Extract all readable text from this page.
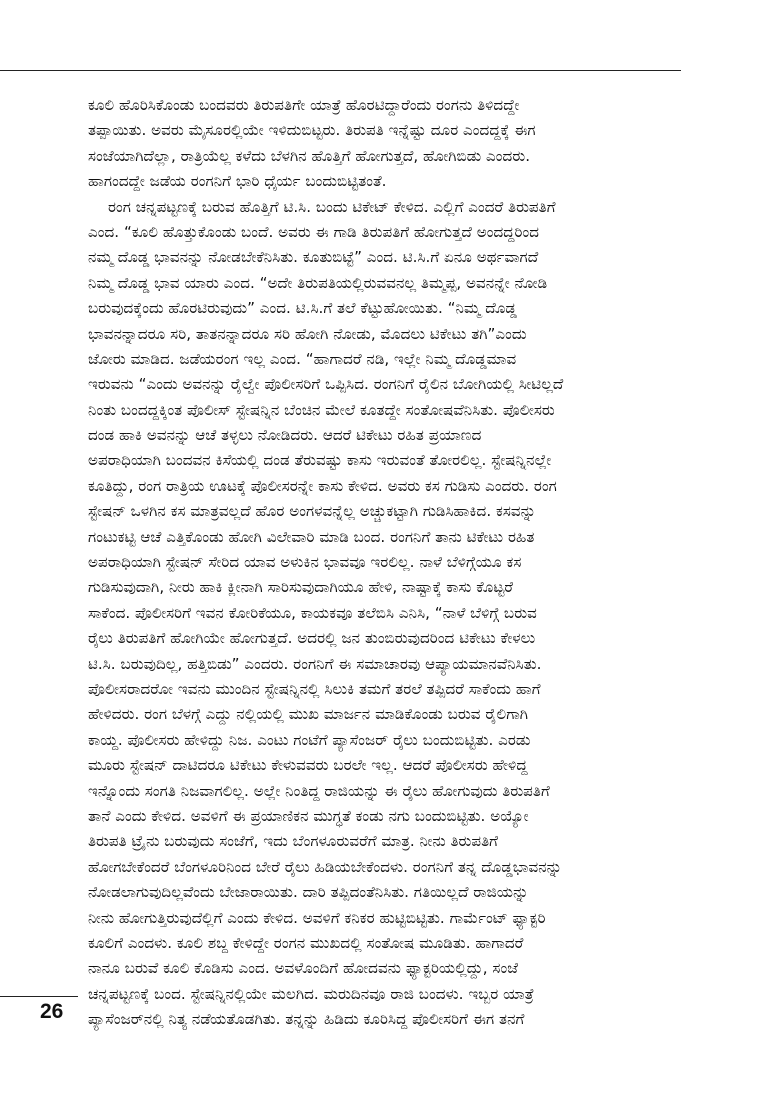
ಕೂಲಿ ಹೊರಿಸಿಕೊಂಡು ಬಂದವರು ತಿರುಪತಿಗೇ ಯಾತ್ರೆ ಹೊರಟಿದ್ದಾರೆಂದು ರಂಗನು ತಿಳಿದದ್ದೇ
ತಪ್ಪಾಯಿತು. ಅವರು ಮೈಸೂರಲ್ಲಿಯೇ ಇಳಿದುಬಿಟ್ಟರು. ತಿರುಪತಿ ಇನ್ನೆಷ್ಟು ದೂರ ಎಂದದ್ದಕ್ಕೆ ಈಗ
ಸಂಜೆಯಾಗಿದೆಲ್ಲಾ, ರಾತ್ರಿಯೆಲ್ಲ ಕಳೆದು ಬೆಳಗಿನ ಹೊತ್ತಿಗೆ ಹೋಗುತ್ತದೆ, ಹೋಗಿಬಿಡು ಎಂದರು.
ಹಾಗಂದದ್ದೇ ಜಡೆಯ ರಂಗನಿಗೆ ಭಾರಿ ಧೈರ್ಯ ಬಂದುಬಿಟ್ಟಿತಂತೆ.
ರಂಗ ಚನ್ನಪಟ್ಟಣಕ್ಕೆ ಬರುವ ಹೊತ್ತಿಗೆ ಟಿ.ಸಿ. ಬಂದು ಟಿಕೇಟ್ ಕೇಳಿದ. ಎಲ್ಲಿಗೆ ಎಂದರೆ ತಿರುಪತಿಗೆ
ಎಂದ. “ಕೂಲಿ ಹೊತ್ತುಕೊಂಡು ಬಂದೆ. ಅವರು ಈ ಗಾಡಿ ತಿರುಪತಿಗೆ ಹೋಗುತ್ತದೆ ಅಂದದ್ದರಿಂದ
ನಮ್ಮ ದೊಡ್ಡ ಭಾವನನ್ನು ನೋಡಬೇಕೆನಿಸಿತು. ಕೂತುಬಿಟ್ಟೆ” ಎಂದ. ಟಿ.ಸಿ.ಗೆ ಏನೂ ಅರ್ಥವಾಗದೆ
ನಿಮ್ಮ ದೊಡ್ಡ ಭಾವ ಯಾರು ಎಂದ. “ಅದೇ ತಿರುಪತಿಯಲ್ಲಿರುವವನಲ್ಲ ತಿಮ್ಮಪ್ಪ, ಅವನನ್ನೇ ನೋಡಿ
ಬರುವುದಕ್ಕೆಂದು ಹೊರಟಿರುವುದು” ಎಂದ. ಟಿ.ಸಿ.ಗೆ ತಲೆ ಕೆಟ್ಟುಹೋಯಿತು. “ನಿಮ್ಮ ದೊಡ್ಡ
ಭಾವನನ್ನಾದರೂ ಸರಿ, ತಾತನನ್ನಾದರೂ ಸರಿ ಹೋಗಿ ನೋಡು, ಮೊದಲು ಟಿಕೇಟು ತಗಿ”ಎಂದು
ಜೋರು ಮಾಡಿದ. ಜಡೆಯರಂಗ ಇಲ್ಲ ಎಂದ. “ಹಾಗಾದರೆ ನಡಿ, ಇಲ್ಲೇ ನಿಮ್ಮ ದೊಡ್ಡಮಾವ
ಇರುವನು “ಎಂದು ಅವನನ್ನು ರೈಲ್ವೇ ಪೊಲೀಸರಿಗೆ ಒಪ್ಪಿಸಿದ. ರಂಗನಿಗೆ ರೈಲಿನ ಬೋಗಿಯಲ್ಲಿ ಸೀಟಿಲ್ಲದೆ
ನಿಂತು ಬಂದದ್ದಕ್ಕಿಂತ ಪೊಲೀಸ್ ಸ್ಟೇಷನ್ನಿನ ಬೆಂಚಿನ ಮೇಲೆ ಕೂತದ್ದೇ ಸಂತೋಷವೆನಿಸಿತು. ಪೊಲೀಸರು
ದಂಡ ಹಾಕಿ ಅವನನ್ನು ಆಚೆ ತಳ್ಳಲು ನೋಡಿದರು. ಆದರೆ ಟಿಕೇಟು ರಹಿತ ಪ್ರಯಾಣದ
ಅಪರಾಧಿಯಾಗಿ ಬಂದವನ ಕಿಸೆಯಲ್ಲಿ ದಂಡ ತೆರುವಷ್ಟು ಕಾಸು ಇರುವಂತೆ ತೋರಲಿಲ್ಲ. ಸ್ಟೇಷನ್ನಿನಲ್ಲೇ
ಕೂತಿದ್ದು, ರಂಗ ರಾತ್ರಿಯ ಊಟಕ್ಕೆ ಪೊಲೀಸರನ್ನೇ ಕಾಸು ಕೇಳಿದ. ಅವರು ಕಸ ಗುಡಿಸು ಎಂದರು. ರಂಗ
ಸ್ಟೇಷನ್ ಒಳಗಿನ ಕಸ ಮಾತ್ರವಲ್ಲದೆ ಹೊರ ಅಂಗಳವನ್ನೆಲ್ಲ ಅಚ್ಚುಕಟ್ಟಾಗಿ ಗುಡಿಸಿಹಾಕಿದ. ಕಸವನ್ನು
ಗಂಟುಕಟ್ಟಿ ಆಚೆ ಎತ್ತಿಕೊಂಡು ಹೋಗಿ ವಿಲೇವಾರಿ ಮಾಡಿ ಬಂದ. ರಂಗನಿಗೆ ತಾನು ಟಿಕೇಟು ರಹಿತ
ಅಪರಾಧಿಯಾಗಿ ಸ್ಟೇಷನ್ ಸೇರಿದ ಯಾವ ಅಳುಕಿನ ಭಾವವೂ ಇರಲಿಲ್ಲ. ನಾಳೆ ಬೆಳಿಗ್ಗೆಯೂ ಕಸ
ಗುಡಿಸುವುದಾಗಿ, ನೀರು ಹಾಕಿ ಕ್ಲೀನಾಗಿ ಸಾರಿಸುವುದಾಗಿಯೂ ಹೇಳಿ, ನಾಷ್ಟಾಕ್ಕೆ ಕಾಸು ಕೊಟ್ಟರೆ
ಸಾಕೆಂದ. ಪೊಲೀಸರಿಗೆ ಇವನ ಕೋರಿಕೆಯೂ, ಕಾಯಕವೂ ತಲೆಬಿಸಿ ಎನಿಸಿ, “ನಾಳೆ ಬೆಳಿಗ್ಗೆ ಬರುವ
ರೈಲು ತಿರುಪತಿಗೆ ಹೋಗಿಯೇ ಹೋಗುತ್ತದೆ. ಅದರಲ್ಲಿ ಜನ ತುಂಬಿರುವುದರಿಂದ ಟಿಕೇಟು ಕೇಳಲು
ಟಿ.ಸಿ. ಬರುವುದಿಲ್ಲ, ಹತ್ತಿಬಿಡು” ಎಂದರು. ರಂಗನಿಗೆ ಈ ಸಮಾಚಾರವು ಆಪ್ಯಾಯಮಾನವೆನಿಸಿತು.
ಪೊಲೀಸರಾದರೋ ಇವನು ಮುಂದಿನ ಸ್ಟೇಷನ್ನಿನಲ್ಲಿ ಸಿಲುಕಿ ತಮಗೆ ತರಲೆ ತಪ್ಪಿದರೆ ಸಾಕೆಂದು ಹಾಗೆ
ಹೇಳಿದರು. ರಂಗ ಬೆಳಗ್ಗೆ ಎದ್ದು ನಲ್ಲಿಯಲ್ಲಿ ಮುಖ ಮಾರ್ಜನ ಮಾಡಿಕೊಂಡು ಬರುವ ರೈಲಿಗಾಗಿ
ಕಾಯ್ದ. ಪೊಲೀಸರು ಹೇಳಿದ್ದು ನಿಜ. ಎಂಟು ಗಂಟೆಗೆ ಪ್ಯಾಸೆಂಜರ್ ರೈಲು ಬಂದುಬಿಟ್ಟಿತು. ಎರಡು
ಮೂರು ಸ್ಟೇಷನ್ ದಾಟಿದರೂ ಟಿಕೇಟು ಕೇಳುವವರು ಬರಲೇ ಇಲ್ಲ. ಆದರೆ ಪೊಲೀಸರು ಹೇಳಿದ್ದ
ಇನ್ನೊಂದು ಸಂಗತಿ ನಿಜವಾಗಲಿಲ್ಲ. ಅಲ್ಲೇ ನಿಂತಿದ್ದ ರಾಜಿಯನ್ನು ಈ ರೈಲು ಹೋಗುವುದು ತಿರುಪತಿಗೆ
ತಾನೆ ಎಂದು ಕೇಳಿದ. ಅವಳಿಗೆ ಈ ಪ್ರಯಾಣಿಕನ ಮುಗ್ಧತೆ ಕಂಡು ನಗು ಬಂದುಬಿಟ್ಟಿತು. ಅಯ್ಯೋ
ತಿರುಪತಿ ಟ್ರೈನು ಬರುವುದು ಸಂಜೆಗೆ, ಇದು ಬೆಂಗಳೂರುವರೆಗೆ ಮಾತ್ರ. ನೀನು ತಿರುಪತಿಗೆ
ಹೋಗಬೇಕೆಂದರೆ ಬೆಂಗಳೂರಿನಿಂದ ಬೇರೆ ರೈಲು ಹಿಡಿಯಬೇಕೆಂದಳು. ರಂಗನಿಗೆ ತನ್ನ ದೊಡ್ಡಭಾವನನ್ನು
ನೋಡಲಾಗುವುದಿಲ್ಲವೆಂದು ಬೇಜಾರಾಯಿತು. ದಾರಿ ತಪ್ಪಿದಂತೆನಿಸಿತು. ಗತಿಯಿಲ್ಲದೆ ರಾಜಿಯನ್ನು
ನೀನು ಹೋಗುತ್ತಿರುವುದೆಲ್ಲಿಗೆ ಎಂದು ಕೇಳಿದ. ಅವಳಿಗೆ ಕನಿಕರ ಹುಟ್ಟಿಬಿಟ್ಟಿತು. ಗಾರ್ಮೆಂಟ್ ಫ್ಯಾಕ್ಟರಿ
ಕೂಲಿಗೆ ಎಂದಳು. ಕೂಲಿ ಶಬ್ದ ಕೇಳಿದ್ದೇ ರಂಗನ ಮುಖದಲ್ಲಿ ಸಂತೋಷ ಮೂಡಿತು. ಹಾಗಾದರೆ
ನಾನೂ ಬರುವೆ ಕೂಲಿ ಕೊಡಿಸು ಎಂದ. ಅವಳೊಂದಿಗೆ ಹೋದವನು ಫ್ಯಾಕ್ಟರಿಯಲ್ಲಿದ್ದು, ಸಂಜೆ
ಚನ್ನಪಟ್ಟಣಕ್ಕೆ ಬಂದ. ಸ್ಟೇಷನ್ನಿನಲ್ಲಿಯೇ ಮಲಗಿದ. ಮರುದಿನವೂ ರಾಜಿ ಬಂದಳು. ಇಬ್ಬರ ಯಾತ್ರೆ
ಪ್ಯಾಸೆಂಜರ್‌ನಲ್ಲಿ ನಿತ್ಯ ನಡೆಯತೊಡಗಿತು. ತನ್ನನ್ನು ಹಿಡಿದು ಕೂರಿಸಿದ್ದ ಪೊಲೀಸರಿಗೆ ಈಗ ತನಗೆ
26
